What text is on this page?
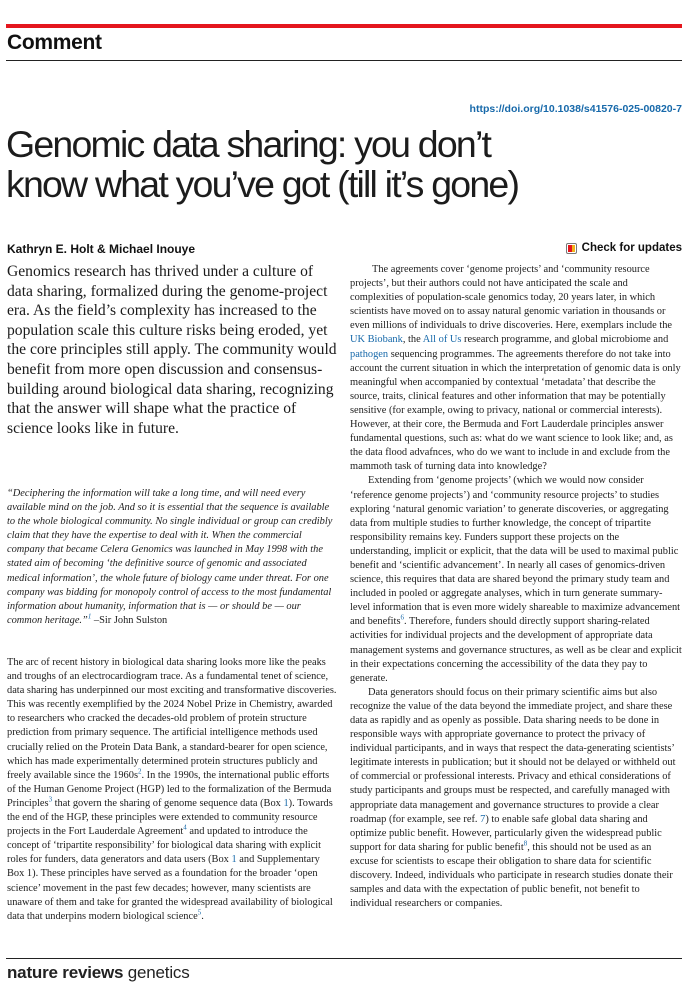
Comment
https://doi.org/10.1038/s41576-025-00820-7
Genomic data sharing: you don’t
know what you’ve got (till it’s gone)
Kathryn E. Holt & Michael Inouye	Check for updates

Genomics research has thrived under a culture of data sharing, formalized during the genome-project era. As the field’s complexity has increased to the population scale this culture risks being eroded, yet the core principles still apply. The community would benefit from more open discussion and consensus-building around biological data sharing, recognizing that the answer will shape what the practice of science looks like in future.

“Deciphering the information will take a long time, and will need every available mind on the job. And so it is essential that the sequence is available to the whole biological community. No single individual or group can credibly claim that they have the expertise to deal with it. When the commercial company that became Celera Genomics was launched in May 1998 with the stated aim of becoming ‘the definitive source of genomic and associated medical information’, the whole future of biology came under threat. For one company was bidding for monopoly control of access to the most fundamental information about humanity, information that is — or should be — our common heritage.”$^1$ –Sir John Sulston

The arc of recent history in biological data sharing looks more like the peaks and troughs of an electrocardiogram trace. As a fundamental tenet of science, data sharing has underpinned our most exciting and transformative discoveries. This was recently exemplified by the 2024 Nobel Prize in Chemistry, awarded to researchers who cracked the decades-old problem of protein structure prediction from primary sequence. The artificial intelligence methods used crucially relied on the Protein Data Bank, a standard-bearer for open science, which has made experimentally determined protein structures publicly and freely available since the $1960s^2$. In the 1990s, the international public efforts of the Human Genome Project (HGP) led to the formalization of the Bermuda Principles$^3$ that govern the sharing of genome sequence data (Box 1). Towards the end of the HGP, these principles were extended to community resource projects in the Fort Lauderdale Agreement$^4$ and updated to introduce the concept of ‘tripartite responsibility’ for biological data sharing with explicit roles for funders, data generators and data users (Box 1 and Supplementary Box 1). These principles have served as a foundation for the broader ‘open science’ movement in the past few decades; however, many scientists are unaware of them and take for granted the widespread availability of biological data that underpins modern biological science$^5$.

The agreements cover ‘genome projects’ and ‘community resource projects’, but their authors could not have anticipated the scale and complexities of population-scale genomics today, 20 years later, in which scientists have moved on to assay natural genomic variation in thousands or even millions of individuals to drive discoveries. Here, exemplars include the UK Biobank, the All of Us research programme, and global microbiome and pathogen sequencing programmes. The agreements therefore do not take into account the current situation in which the interpretation of genomic data is only meaningful when accompanied by contextual ‘metadata’ that describe the source, traits, clinical features and other information that may be potentially sensitive (for example, owing to privacy, national or commercial interests). However, at their core, the Bermuda and Fort Lauderdale principles answer fundamental questions, such as: what do we want science to look like; and, as the data flood advafnces, who do we want to include in and exclude from the mammoth task of turning data into knowledge?

Extending from ‘genome projects’ (which we would now consider ‘reference genome projects’) and ‘community resource projects’ to studies exploring ‘natural genomic variation’ to generate discoveries, or aggregating data from multiple studies to further knowledge, the concept of tripartite responsibility remains key. Funders support these projects on the understanding, implicit or explicit, that the data will be used to maximal public benefit and ‘scientific advancement’. In nearly all cases of genomics-driven science, this requires that data are shared beyond the primary study team and included in pooled or aggregate analyses, which in turn generate summary-level information that is even more widely shareable to maximize advancement and benefits$^6$. Therefore, funders should directly support sharing-related activities for individual projects and the development of appropriate data management systems and governance structures, as well as be clear and explicit in their expectations concerning the accessibility of the data they pay to generate.

Data generators should focus on their primary scientific aims but also recognize the value of the data beyond the immediate project, and share these data as rapidly and as openly as possible. Data sharing needs to be done in responsible ways with appropriate governance to protect the privacy of individual participants, and in ways that respect the data-generating scientists’ legitimate interests in publication; but it should not be delayed or withheld out of commercial or professional interests. Privacy and ethical considerations of study participants and groups must be respected, and carefully managed with appropriate data management and governance structures to provide a clear roadmap (for example, see ref. 7) to enable safe global data sharing and optimize public benefit. However, particularly given the widespread public support for data sharing for public benefit$^8$, this should not be used as an excuse for scientists to escape their obligation to share data for scientific discovery. Indeed, individuals who participate in research studies donate their samples and data with the expectation of public benefit, not benefit to individual researchers or companies.

nature reviews genetics
